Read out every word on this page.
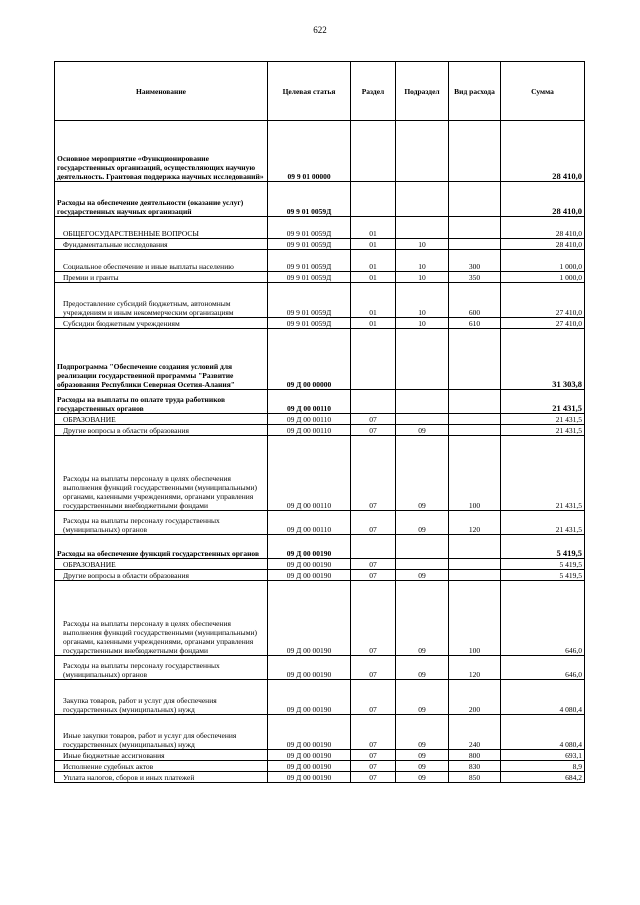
622
Наименование	Целевая статья	Раздел	Подраздел	Вид расхода	Сумма
Основное мероприятие «Функционирование государственных организаций, осуществляющих научную деятельность. Грантовая поддержка научных исследований»	09 9 01 00000				28 410,0
Расходы на обеспечение деятельности (оказание услуг) государственных научных организаций	09 9 01 0059Д				28 410,0
ОБЩЕГОСУДАРСТВЕННЫЕ ВОПРОСЫ	09 9 01 0059Д	01			28 410,0
Фундаментальные исследования	09 9 01 0059Д	01	10		28 410,0
Социальное обеспечение и иные выплаты населению	09 9 01 0059Д	01	10	300	1 000,0
Премии и гранты	09 9 01 0059Д	01	10	350	1 000,0
Предоставление субсидий бюджетным, автономным учреждениям и иным некоммерческим организациям	09 9 01 0059Д	01	10	600	27 410,0
Субсидии бюджетным учреждениям	09 9 01 0059Д	01	10	610	27 410,0
Подпрограмма "Обеспечение создания условий для реализации государственной программы "Развитие образования Республики Северная Осетия-Алания"	09 Д 00 00000				31 303,8
Расходы на выплаты по оплате труда работников государственных органов	09 Д 00 00110				21 431,5
ОБРАЗОВАНИЕ	09 Д 00 00110	07			21 431,5
Другие вопросы в области образования	09 Д 00 00110	07	09		21 431,5
Расходы на выплаты персоналу в целях обеспечения выполнения функций государственными (муниципальными) органами, казенными учреждениями, органами управления государственными внебюджетными фондами	09 Д 00 00110	07	09	100	21 431,5
Расходы на выплаты персоналу государственных (муниципальных) органов	09 Д 00 00110	07	09	120	21 431,5
Расходы на обеспечение функций государственных органов	09 Д 00 00190				5 419,5
ОБРАЗОВАНИЕ	09 Д 00 00190	07			5 419,5
Другие вопросы в области образования	09 Д 00 00190	07	09		5 419,5
Расходы на выплаты персоналу в целях обеспечения выполнения функций государственными (муниципальными) органами, казенными учреждениями, органами управления государственными внебюджетными фондами	09 Д 00 00190	07	09	100	646,0
Расходы на выплаты персоналу государственных (муниципальных) органов	09 Д 00 00190	07	09	120	646,0
Закупка товаров, работ и услуг для обеспечения государственных (муниципальных) нужд	09 Д 00 00190	07	09	200	4 080,4
Иные закупки товаров, работ и услуг для обеспечения государственных (муниципальных) нужд	09 Д 00 00190	07	09	240	4 080,4
Иные бюджетные ассигнования	09 Д 00 00190	07	09	800	693,1
Исполнение судебных актов	09 Д 00 00190	07	09	830	8,9
Уплата налогов, сборов и иных платежей	09 Д 00 00190	07	09	850	684,2
